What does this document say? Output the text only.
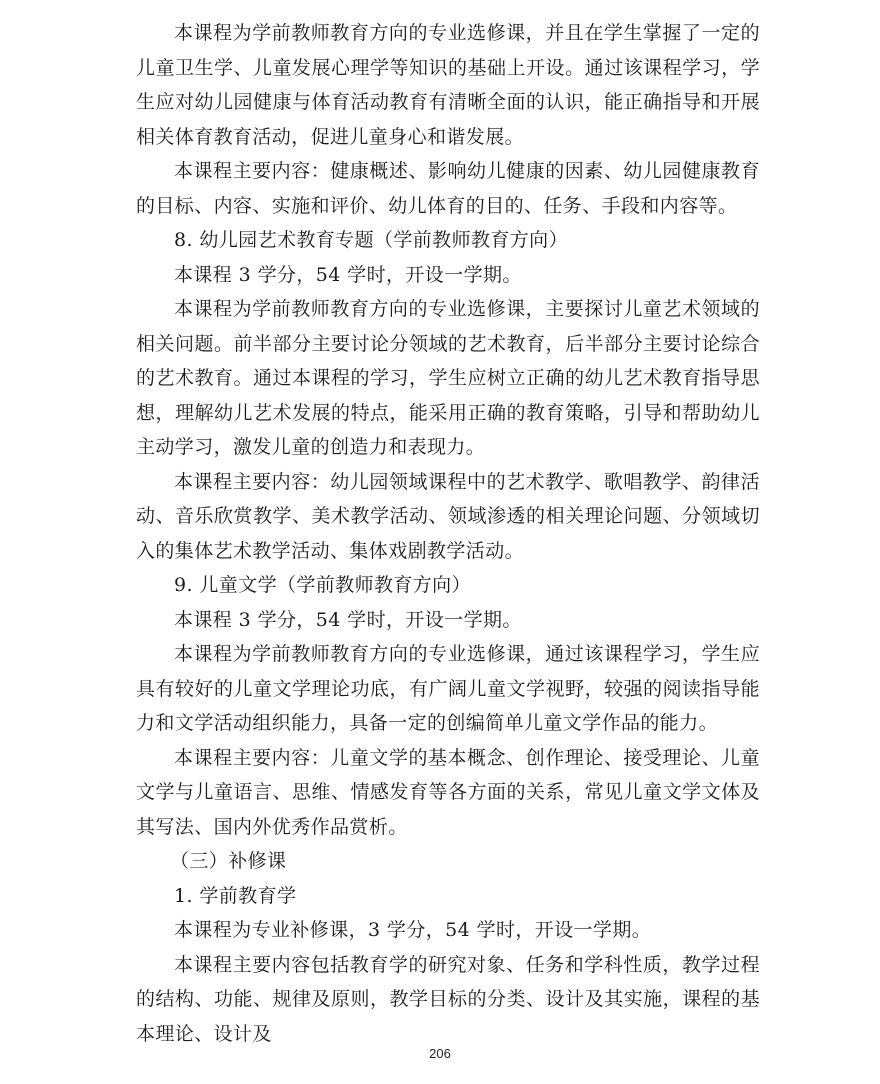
本课程为学前教师教育方向的专业选修课，并且在学生掌握了一定的儿童卫生学、儿童发展心理学等知识的基础上开设。通过该课程学习，学生应对幼儿园健康与体育活动教育有清晰全面的认识，能正确指导和开展相关体育教育活动，促进儿童身心和谐发展。

本课程主要内容：健康概述、影响幼儿健康的因素、幼儿园健康教育的目标、内容、实施和评价、幼儿体育的目的、任务、手段和内容等。

8. 幼儿园艺术教育专题（学前教师教育方向）

本课程 3 学分，54 学时，开设一学期。

本课程为学前教师教育方向的专业选修课，主要探讨儿童艺术领域的相关问题。前半部分主要讨论分领域的艺术教育，后半部分主要讨论综合的艺术教育。通过本课程的学习，学生应树立正确的幼儿艺术教育指导思想，理解幼儿艺术发展的特点，能采用正确的教育策略，引导和帮助幼儿主动学习，激发儿童的创造力和表现力。

本课程主要内容：幼儿园领域课程中的艺术教学、歌唱教学、韵律活动、音乐欣赏教学、美术教学活动、领域渗透的相关理论问题、分领域切入的集体艺术教学活动、集体戏剧教学活动。

9. 儿童文学（学前教师教育方向）

本课程 3 学分，54 学时，开设一学期。

本课程为学前教师教育方向的专业选修课，通过该课程学习，学生应具有较好的儿童文学理论功底，有广阔儿童文学视野，较强的阅读指导能力和文学活动组织能力，具备一定的创编简单儿童文学作品的能力。

本课程主要内容：儿童文学的基本概念、创作理论、接受理论、儿童文学与儿童语言、思维、情感发育等各方面的关系，常见儿童文学文体及其写法、国内外优秀作品赏析。

（三）补修课

1. 学前教育学

本课程为专业补修课，3 学分，54 学时，开设一学期。

本课程主要内容包括教育学的研究对象、任务和学科性质，教学过程的结构、功能、规律及原则，教学目标的分类、设计及其实施，课程的基本理论、设计及

206
